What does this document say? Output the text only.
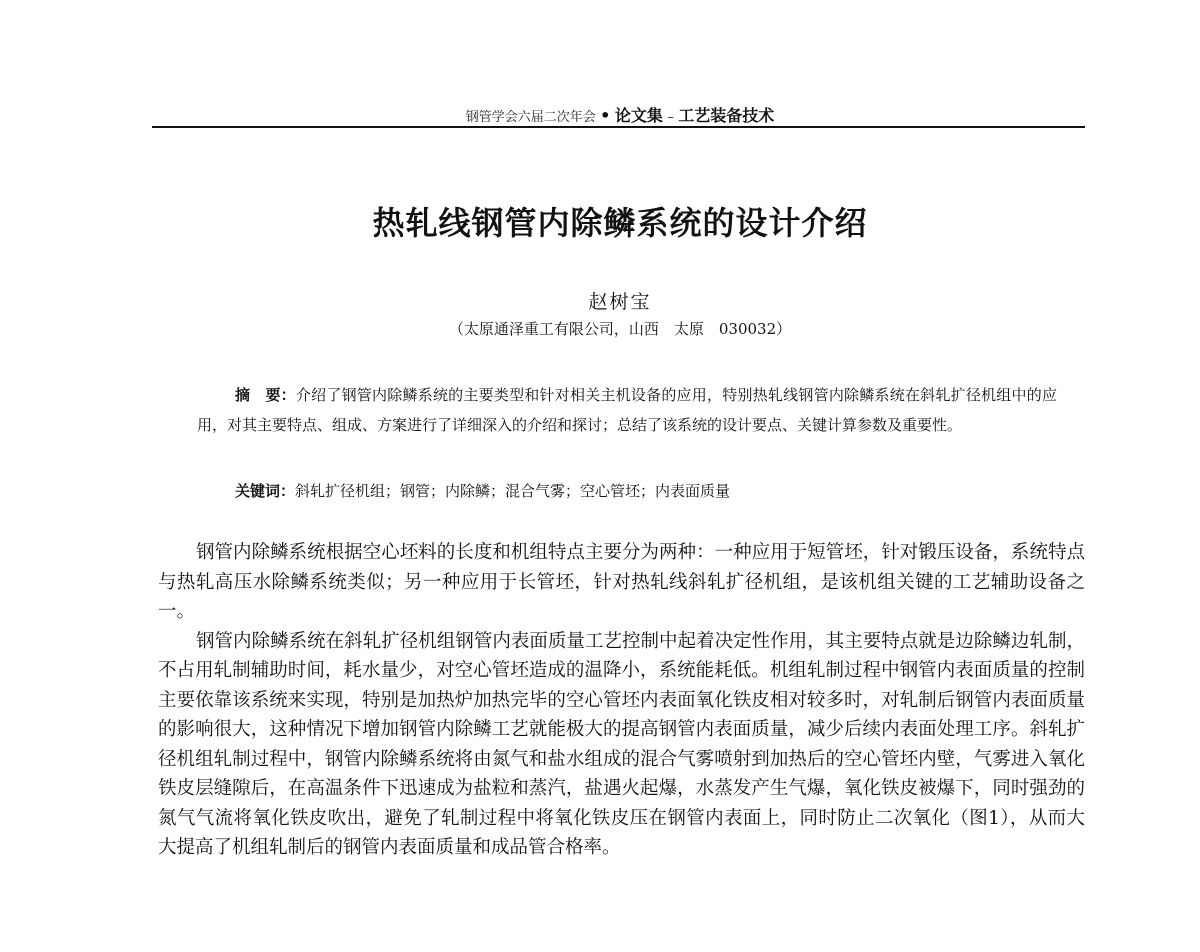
钢管学会六届二次年会 • 论文集 – 工艺装备技术
热轧线钢管内除鳞系统的设计介绍
赵树宝
（太原通泽重工有限公司，山西　太原　030032）

摘　要：介绍了钢管内除鳞系统的主要类型和针对相关主机设备的应用，特别热轧线钢管内除鳞系统在斜轧扩径机组中的应用，对其主要特点、组成、方案进行了详细深入的介绍和探讨；总结了该系统的设计要点、关键计算参数及重要性。

关键词：斜轧扩径机组；钢管；内除鳞；混合气雾；空心管坯；内表面质量

钢管内除鳞系统根据空心坯料的长度和机组特点主要分为两种：一种应用于短管坯，针对锻压设备，系统特点与热轧高压水除鳞系统类似；另一种应用于长管坯，针对热轧线斜轧扩径机组，是该机组关键的工艺辅助设备之一。

钢管内除鳞系统在斜轧扩径机组钢管内表面质量工艺控制中起着决定性作用，其主要特点就是边除鳞边轧制，不占用轧制辅助时间，耗水量少，对空心管坯造成的温降小，系统能耗低。机组轧制过程中钢管内表面质量的控制主要依靠该系统来实现，特别是加热炉加热完毕的空心管坯内表面氧化铁皮相对较多时，对轧制后钢管内表面质量的影响很大，这种情况下增加钢管内除鳞工艺就能极大的提高钢管内表面质量，减少后续内表面处理工序。斜轧扩径机组轧制过程中，钢管内除鳞系统将由氮气和盐水组成的混合气雾喷射到加热后的空心管坯内壁，气雾进入氧化铁皮层缝隙后，在高温条件下迅速成为盐粒和蒸汽，盐遇火起爆，水蒸发产生气爆，氧化铁皮被爆下，同时强劲的氮气气流将氧化铁皮吹出，避免了轧制过程中将氧化铁皮压在钢管内表面上，同时防止二次氧化（图1），从而大大提高了机组轧制后的钢管内表面质量和成品管合格率。
